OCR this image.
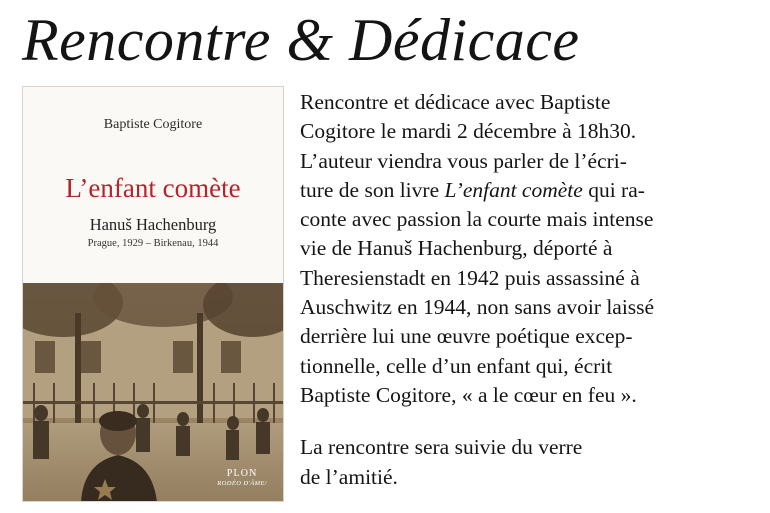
Rencontre & Dédicace
Baptiste Cogitore
L’enfant comète
Hanuš Hachenburg
Prague, 1929 – Birkenau, 1944
PLON
RODÉO D'ÂME/

Rencontre et dédicace avec Baptiste
Cogitore le mardi 2 décembre à 18h30.
L’auteur viendra vous parler de l’écri-
ture de son livre L’enfant comète qui ra-
conte avec passion la courte mais intense
vie de Hanuš Hachenburg, déporté à
Theresienstadt en 1942 puis assassiné à
Auschwitz en 1944, non sans avoir laissé
derrière lui une œuvre poétique excep-
tionnelle, celle d’un enfant qui, écrit
Baptiste Cogitore, « a le cœur en feu ».

La rencontre sera suivie du verre
de l’amitié.
